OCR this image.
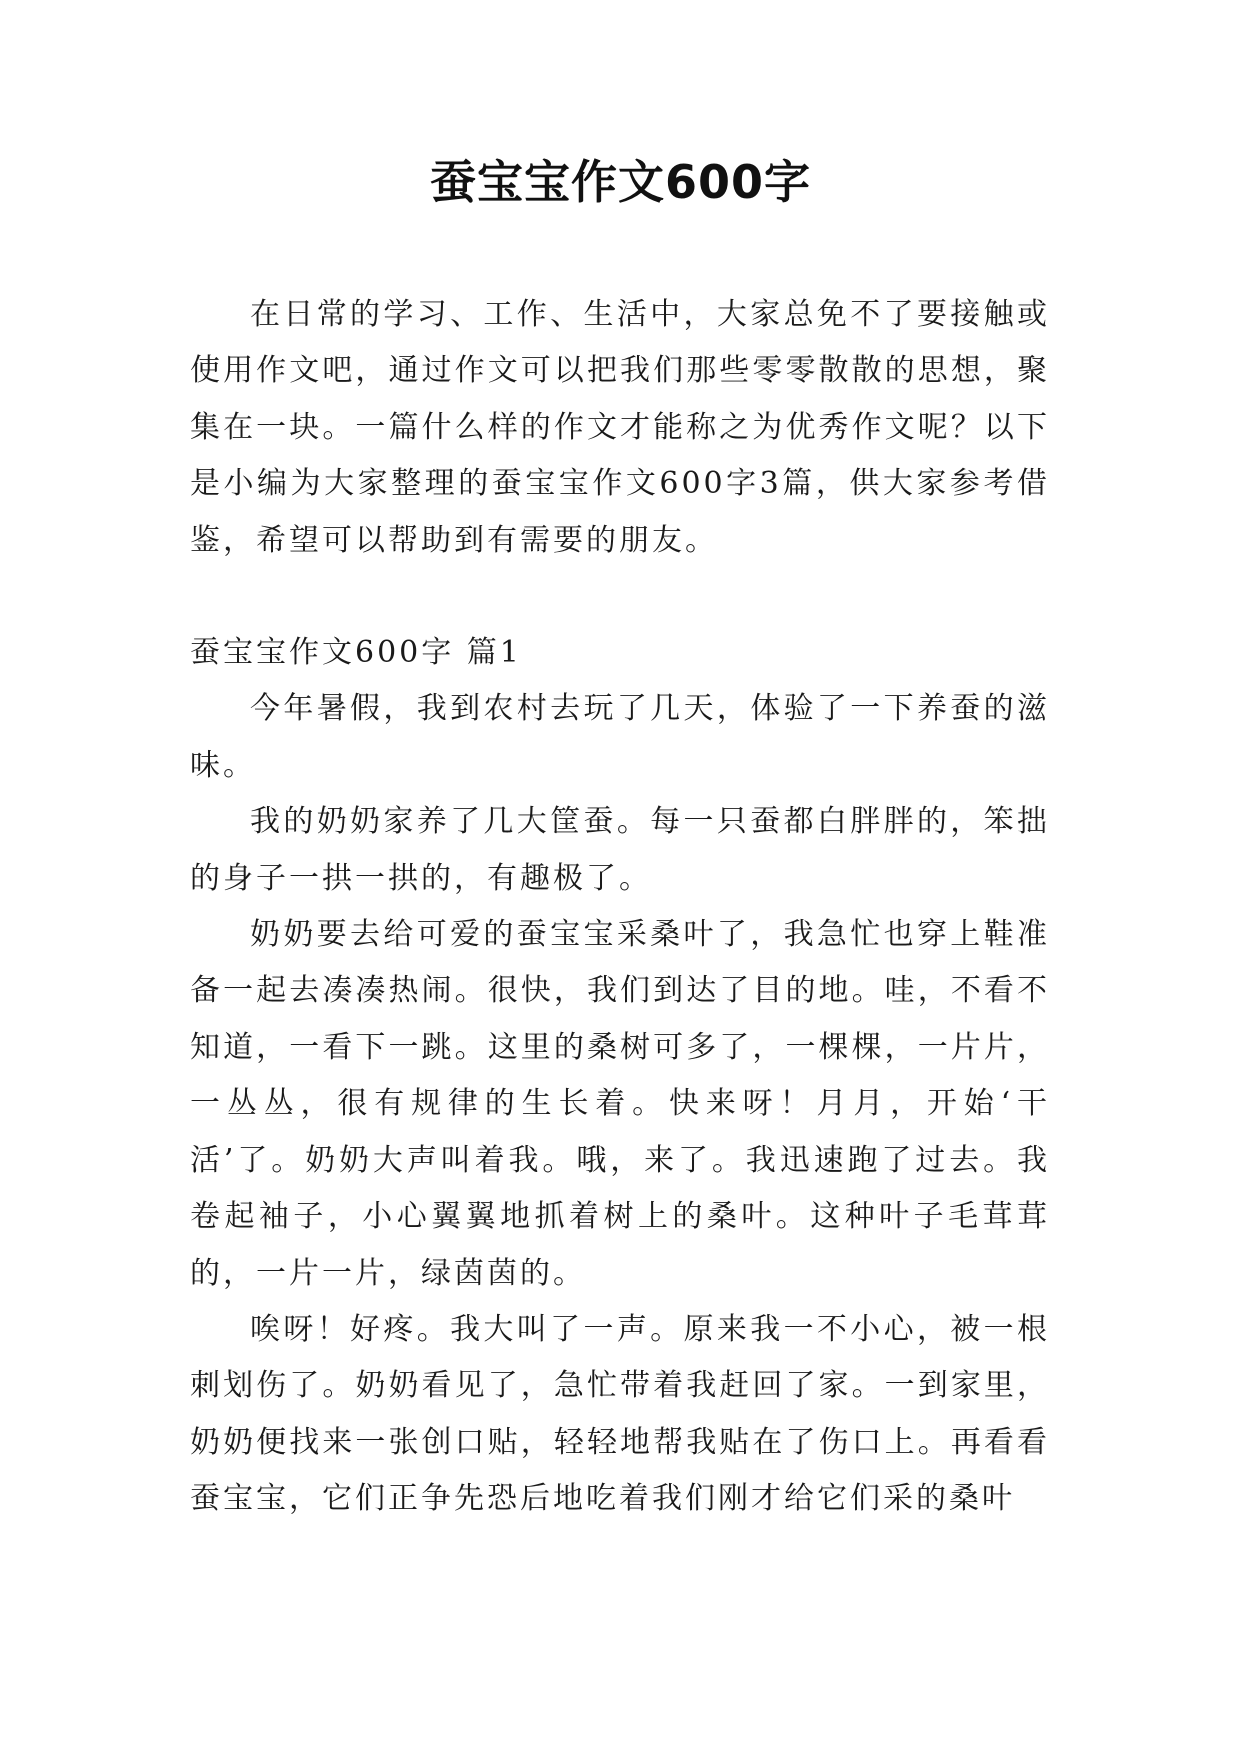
蚕宝宝作文600字

在日常的学习、工作、生活中，大家总免不了要接触或使用作文吧，通过作文可以把我们那些零零散散的思想，聚集在一块。一篇什么样的作文才能称之为优秀作文呢？以下是小编为大家整理的蚕宝宝作文600字3篇，供大家参考借鉴，希望可以帮助到有需要的朋友。

蚕宝宝作文600字 篇1

今年暑假，我到农村去玩了几天，体验了一下养蚕的滋味。

我的奶奶家养了几大筐蚕。每一只蚕都白胖胖的，笨拙的身子一拱一拱的，有趣极了。

奶奶要去给可爱的蚕宝宝采桑叶了，我急忙也穿上鞋准备一起去凑凑热闹。很快，我们到达了目的地。哇，不看不知道，一看下一跳。这里的桑树可多了，一棵棵，一片片，一丛丛，很有规律的生长着。快来呀！月月，开始‘干活’了。奶奶大声叫着我。哦，来了。我迅速跑了过去。我卷起袖子，小心翼翼地抓着树上的桑叶。这种叶子毛茸茸的，一片一片，绿茵茵的。

唉呀！好疼。我大叫了一声。原来我一不小心，被一根刺划伤了。奶奶看见了，急忙带着我赶回了家。一到家里，奶奶便找来一张创口贴，轻轻地帮我贴在了伤口上。再看看蚕宝宝，它们正争先恐后地吃着我们刚才给它们采的桑叶
